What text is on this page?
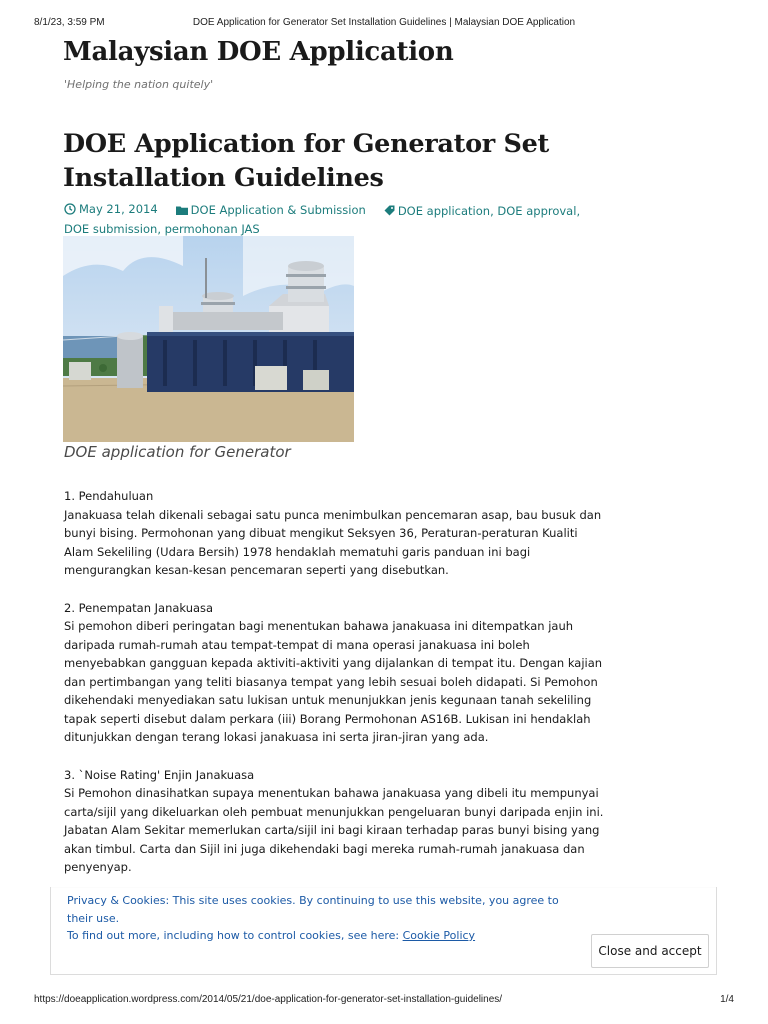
8/1/23, 3:59 PM	DOE Application for Generator Set Installation Guidelines | Malaysian DOE Application
Malaysian DOE Application

'Helping the nation quitely'

DOE Application for Generator Set Installation Guidelines
May 21, 2014	DOE Application & Submission	DOE application, DOE approval, DOE submission, permohonan JAS

DOE application for Generator

1. Pendahuluan
Janakuasa telah dikenali sebagai satu punca menimbulkan pencemaran asap, bau busuk dan bunyi bising. Permohonan yang dibuat mengikut Seksyen 36, Peraturan-peraturan Kualiti Alam Sekeliling (Udara Bersih) 1978 hendaklah mematuhi garis panduan ini bagi mengurangkan kesan-kesan pencemaran seperti yang disebutkan.

2. Penempatan Janakuasa
Si pemohon diberi peringatan bagi menentukan bahawa janakuasa ini ditempatkan jauh daripada rumah-rumah atau tempat-tempat di mana operasi janakuasa ini boleh menyebabkan gangguan kepada aktiviti-aktiviti yang dijalankan di tempat itu. Dengan kajian dan pertimbangan yang teliti biasanya tempat yang lebih sesuai boleh didapati. Si Pemohon dikehendaki menyediakan satu lukisan untuk menunjukkan jenis kegunaan tanah sekeliling tapak seperti disebut dalam perkara (iii) Borang Permohonan AS16B. Lukisan ini hendaklah ditunjukkan dengan terang lokasi janakuasa ini serta jiran-jiran yang ada.

3. `Noise Rating' Enjin Janakuasa
Si Pemohon dinasihatkan supaya menentukan bahawa janakuasa yang dibeli itu mempunyai carta/sijil yang dikeluarkan oleh pembuat menunjukkan pengeluaran bunyi daripada enjin ini. Jabatan Alam Sekitar memerlukan carta/sijil ini bagi kiraan terhadap paras bunyi bising yang akan timbul. Carta dan Sijil ini juga dikehendaki bagi mereka rumah-rumah janakuasa dan penyenyap.

Privacy & Cookies: This site uses cookies. By continuing to use this website, you agree to their use.
To find out more, including how to control cookies, see here: Cookie Policy
Close and accept
https://doeapplication.wordpress.com/2014/05/21/doe-application-for-generator-set-installation-guidelines/	1/4
